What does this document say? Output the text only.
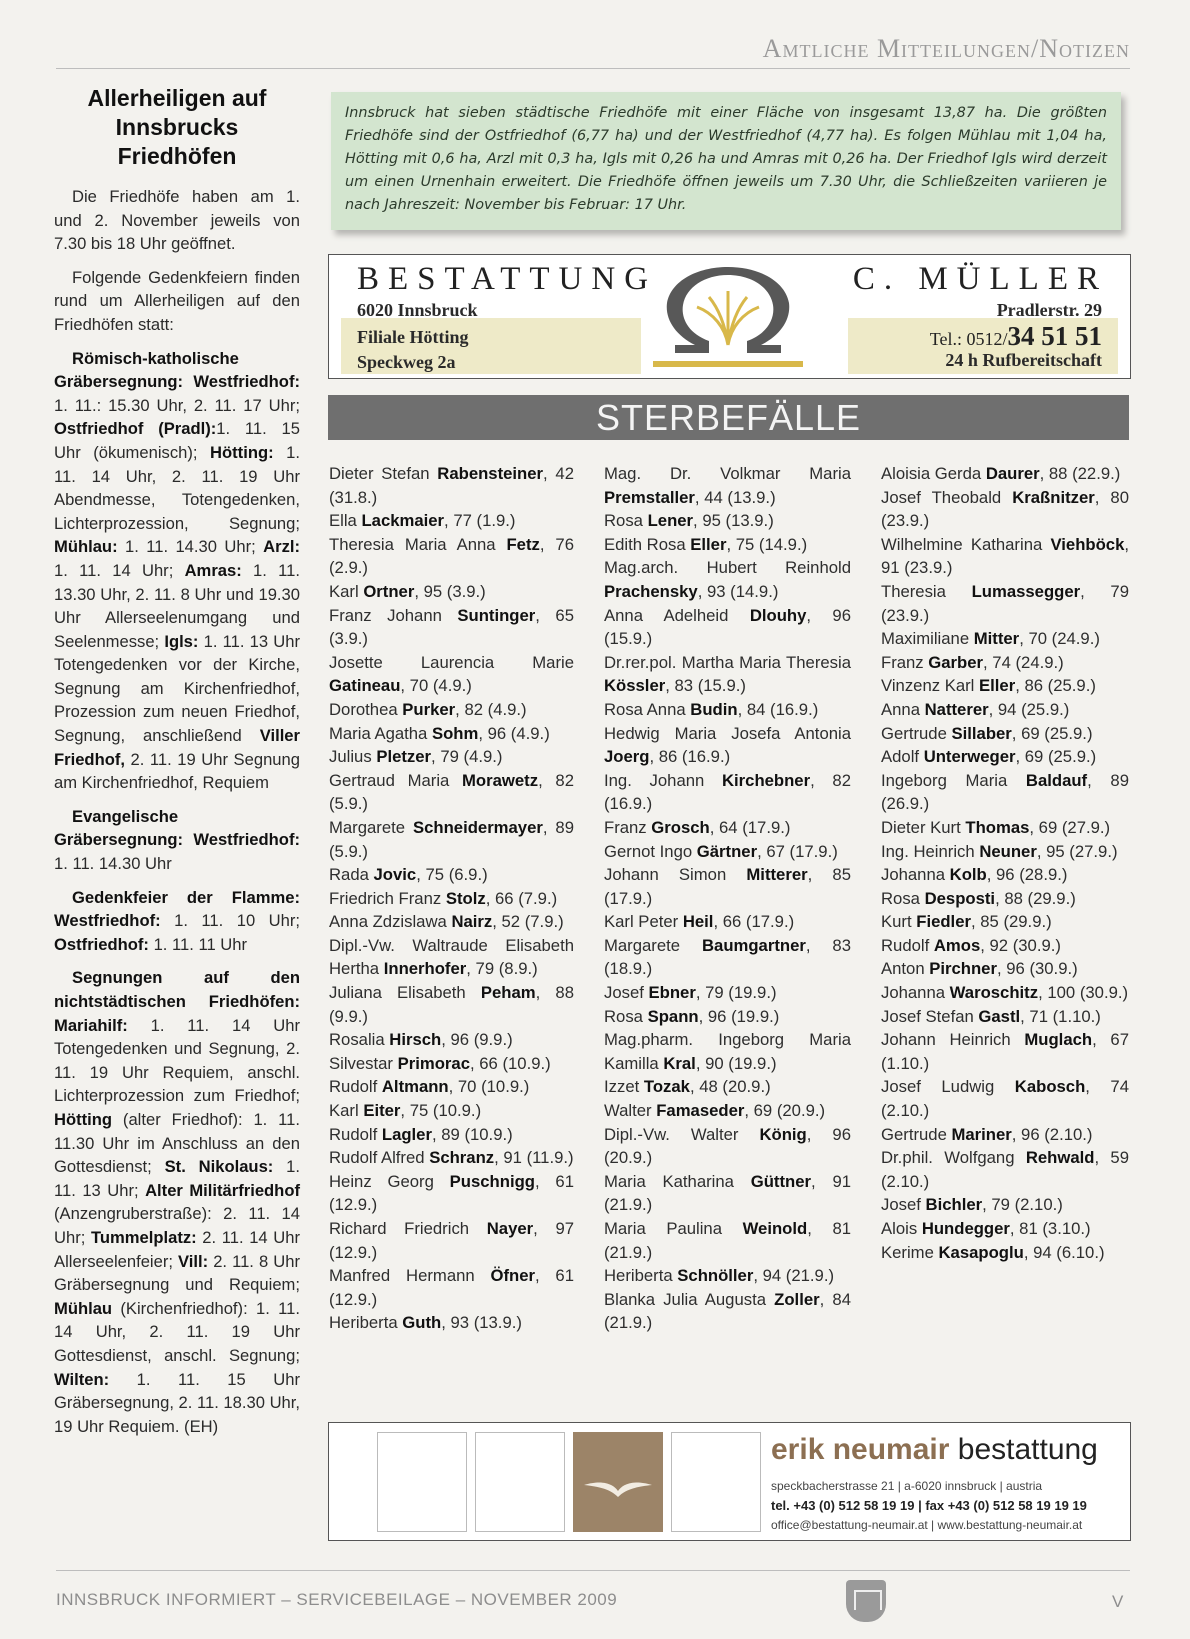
Amtliche Mitteilungen/Notizen
Allerheiligen auf Innsbrucks Friedhöfen

Die Friedhöfe haben am 1. und 2. November jeweils von 7.30 bis 18 Uhr geöffnet.

Folgende Gedenkfeiern finden rund um Allerheiligen auf den Friedhöfen statt:

Römisch-katholische Gräbersegnung: Westfriedhof: 1. 11.: 15.30 Uhr, 2. 11. 17 Uhr; Ostfriedhof (Pradl):1. 11. 15 Uhr (ökumenisch); Hötting: 1. 11. 14 Uhr, 2. 11. 19 Uhr Abendmesse, Totengedenken, Lichterprozession, Segnung; Mühlau: 1. 11. 14.30 Uhr; Arzl: 1. 11. 14 Uhr; Amras: 1. 11. 13.30 Uhr, 2. 11. 8 Uhr und 19.30 Uhr Allerseelenumgang und Seelenmesse; Igls: 1. 11. 13 Uhr Totengedenken vor der Kirche, Segnung am Kirchenfriedhof, Prozession zum neuen Friedhof, Segnung, anschließend Viller Friedhof, 2. 11. 19 Uhr Segnung am Kirchenfriedhof, Requiem

Evangelische Gräbersegnung: Westfriedhof: 1. 11. 14.30 Uhr

Gedenkfeier der Flamme: Westfriedhof: 1. 11. 10 Uhr; Ostfriedhof: 1. 11. 11 Uhr

Segnungen auf den nichtstädtischen Friedhöfen: Mariahilf: 1. 11. 14 Uhr Totengedenken und Segnung, 2. 11. 19 Uhr Requiem, anschl. Lichterprozession zum Friedhof; Hötting (alter Friedhof): 1. 11. 11.30 Uhr im Anschluss an den Gottesdienst; St. Nikolaus: 1. 11. 13 Uhr; Alter Militärfriedhof (Anzengruberstraße): 2. 11. 14 Uhr; Tummelplatz: 2. 11. 14 Uhr Allerseelenfeier; Vill: 2. 11. 8 Uhr Gräbersegnung und Requiem; Mühlau (Kirchenfriedhof): 1. 11. 14 Uhr, 2. 11. 19 Uhr Gottesdienst, anschl. Segnung; Wilten: 1. 11. 15 Uhr Gräbersegnung, 2. 11. 18.30 Uhr, 19 Uhr Requiem. (EH)

Innsbruck hat sieben städtische Friedhöfe mit einer Fläche von insgesamt 13,87 ha. Die größten Friedhöfe sind der Ostfriedhof (6,77 ha) und der Westfriedhof (4,77 ha). Es folgen Mühlau mit 1,04 ha, Hötting mit 0,6 ha, Arzl mit 0,3 ha, Igls mit 0,26 ha und Amras mit 0,26 ha. Der Friedhof Igls wird derzeit um einen Urnenhain erweitert. Die Friedhöfe öffnen jeweils um 7.30 Uhr, die Schließzeiten variieren je nach Jahreszeit: November bis Februar: 17 Uhr.
BESTATTUNG	C. MÜLLER
6020 Innsbruck
Filiale Hötting
Speckweg 2a
Pradlerstr. 29
Tel.: 0512/34 51 51
24 h Rufbereitschaft
STERBEFÄLLE
Dieter Stefan Rabensteiner, 42 (31.8.)
Ella Lackmaier, 77 (1.9.)
Theresia Maria Anna Fetz, 76 (2.9.)
Karl Ortner, 95 (3.9.)
Franz Johann Suntinger, 65 (3.9.)
Josette Laurencia Marie Gatineau, 70 (4.9.)
Dorothea Purker, 82 (4.9.)
Maria Agatha Sohm, 96 (4.9.)
Julius Pletzer, 79 (4.9.)
Gertraud Maria Morawetz, 82 (5.9.)
Margarete Schneidermayer, 89 (5.9.)
Rada Jovic, 75 (6.9.)
Friedrich Franz Stolz, 66 (7.9.)
Anna Zdzislawa Nairz, 52 (7.9.)
Dipl.-Vw. Waltraude Elisabeth Hertha Innerhofer, 79 (8.9.)
Juliana Elisabeth Peham, 88 (9.9.)
Rosalia Hirsch, 96 (9.9.)
Silvestar Primorac, 66 (10.9.)
Rudolf Altmann, 70 (10.9.)
Karl Eiter, 75 (10.9.)
Rudolf Lagler, 89 (10.9.)
Rudolf Alfred Schranz, 91 (11.9.)
Heinz Georg Puschnigg, 61 (12.9.)
Richard Friedrich Nayer, 97 (12.9.)
Manfred Hermann Öfner, 61 (12.9.)
Heriberta Guth, 93 (13.9.)
Mag. Dr. Volkmar Maria Premstaller, 44 (13.9.)
Rosa Lener, 95 (13.9.)
Edith Rosa Eller, 75 (14.9.)
Mag.arch. Hubert Reinhold Prachensky, 93 (14.9.)
Anna Adelheid Dlouhy, 96 (15.9.)
Dr.rer.pol. Martha Maria Theresia Kössler, 83 (15.9.)
Rosa Anna Budin, 84 (16.9.)
Hedwig Maria Josefa Antonia Joerg, 86 (16.9.)
Ing. Johann Kirchebner, 82 (16.9.)
Franz Grosch, 64 (17.9.)
Gernot Ingo Gärtner, 67 (17.9.)
Johann Simon Mitterer, 85 (17.9.)
Karl Peter Heil, 66 (17.9.)
Margarete Baumgartner, 83 (18.9.)
Josef Ebner, 79 (19.9.)
Rosa Spann, 96 (19.9.)
Mag.pharm. Ingeborg Maria Kamilla Kral, 90 (19.9.)
Izzet Tozak, 48 (20.9.)
Walter Famaseder, 69 (20.9.)
Dipl.-Vw. Walter König, 96 (20.9.)
Maria Katharina Güttner, 91 (21.9.)
Maria Paulina Weinold, 81 (21.9.)
Heriberta Schnöller, 94 (21.9.)
Blanka Julia Augusta Zoller, 84 (21.9.)
Aloisia Gerda Daurer, 88 (22.9.)
Josef Theobald Kraßnitzer, 80 (23.9.)
Wilhelmine Katharina Viehböck, 91 (23.9.)
Theresia Lumassegger, 79 (23.9.)
Maximiliane Mitter, 70 (24.9.)
Franz Garber, 74 (24.9.)
Vinzenz Karl Eller, 86 (25.9.)
Anna Natterer, 94 (25.9.)
Gertrude Sillaber, 69 (25.9.)
Adolf Unterweger, 69 (25.9.)
Ingeborg Maria Baldauf, 89 (26.9.)
Dieter Kurt Thomas, 69 (27.9.)
Ing. Heinrich Neuner, 95 (27.9.)
Johanna Kolb, 96 (28.9.)
Rosa Desposti, 88 (29.9.)
Kurt Fiedler, 85 (29.9.)
Rudolf Amos, 92 (30.9.)
Anton Pirchner, 96 (30.9.)
Johanna Waroschitz, 100 (30.9.)
Josef Stefan Gastl, 71 (1.10.)
Johann Heinrich Muglach, 67 (1.10.)
Josef Ludwig Kabosch, 74 (2.10.)
Gertrude Mariner, 96 (2.10.)
Dr.phil. Wolfgang Rehwald, 59 (2.10.)
Josef Bichler, 79 (2.10.)
Alois Hundegger, 81 (3.10.)
Kerime Kasapoglu, 94 (6.10.)
erik neumair bestattung
speckbacherstrasse 21 | a-6020 innsbruck | austria
tel. +43 (0) 512 58 19 19 | fax +43 (0) 512 58 19 19 19
office@bestattung-neumair.at | www.bestattung-neumair.at
INNSBRUCK INFORMIERT – SERVICEBEILAGE – NOVEMBER 2009	V
